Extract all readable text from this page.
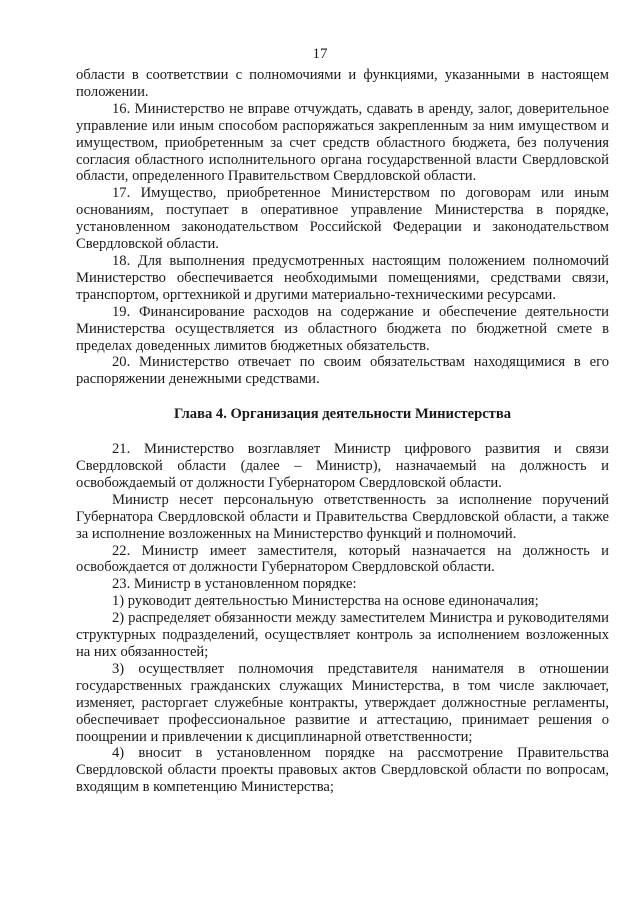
17

области в соответствии с полномочиями и функциями, указанными в настоящем положении.

16. Министерство не вправе отчуждать, сдавать в аренду, залог, доверительное управление или иным способом распоряжаться закрепленным за ним имуществом и имуществом, приобретенным за счет средств областного бюджета, без получения согласия областного исполнительного органа государственной власти Свердловской области, определенного Правительством Свердловской области.

17. Имущество, приобретенное Министерством по договорам или иным основаниям, поступает в оперативное управление Министерства в порядке, установленном законодательством Российской Федерации и законодательством Свердловской области.

18. Для выполнения предусмотренных настоящим положением полномочий Министерство обеспечивается необходимыми помещениями, средствами связи, транспортом, оргтехникой и другими материально-техническими ресурсами.

19. Финансирование расходов на содержание и обеспечение деятельности Министерства осуществляется из областного бюджета по бюджетной смете в пределах доведенных лимитов бюджетных обязательств.

20. Министерство отвечает по своим обязательствам находящимися в его распоряжении денежными средствами.

Глава 4. Организация деятельности Министерства

21. Министерство возглавляет Министр цифрового развития и связи Свердловской области (далее – Министр), назначаемый на должность и освобождаемый от должности Губернатором Свердловской области.

Министр несет персональную ответственность за исполнение поручений Губернатора Свердловской области и Правительства Свердловской области, а также за исполнение возложенных на Министерство функций и полномочий.

22. Министр имеет заместителя, который назначается на должность и освобождается от должности Губернатором Свердловской области.

23. Министр в установленном порядке:

1) руководит деятельностью Министерства на основе единоначалия;

2) распределяет обязанности между заместителем Министра и руководителями структурных подразделений, осуществляет контроль за исполнением возложенных на них обязанностей;

3) осуществляет полномочия представителя нанимателя в отношении государственных гражданских служащих Министерства, в том числе заключает, изменяет, расторгает служебные контракты, утверждает должностные регламенты, обеспечивает профессиональное развитие и аттестацию, принимает решения о поощрении и привлечении к дисциплинарной ответственности;

4) вносит в установленном порядке на рассмотрение Правительства Свердловской области проекты правовых актов Свердловской области по вопросам, входящим в компетенцию Министерства;
